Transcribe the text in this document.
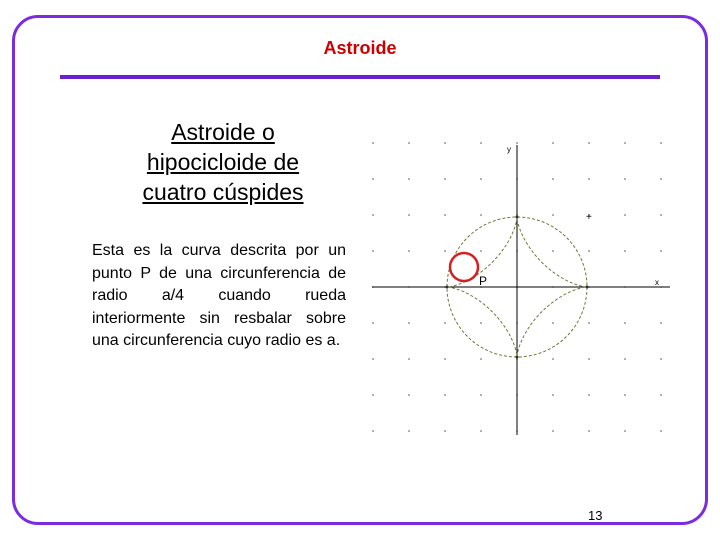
Astroide
Astroide o
hipocicloide de
cuatro cúspides
Esta es la curva descrita por un punto P de una circunferencia de radio a/4 cuando rueda interiormente sin resbalar sobre una circunferencia cuyo radio es a.
P	x
y
+
13
